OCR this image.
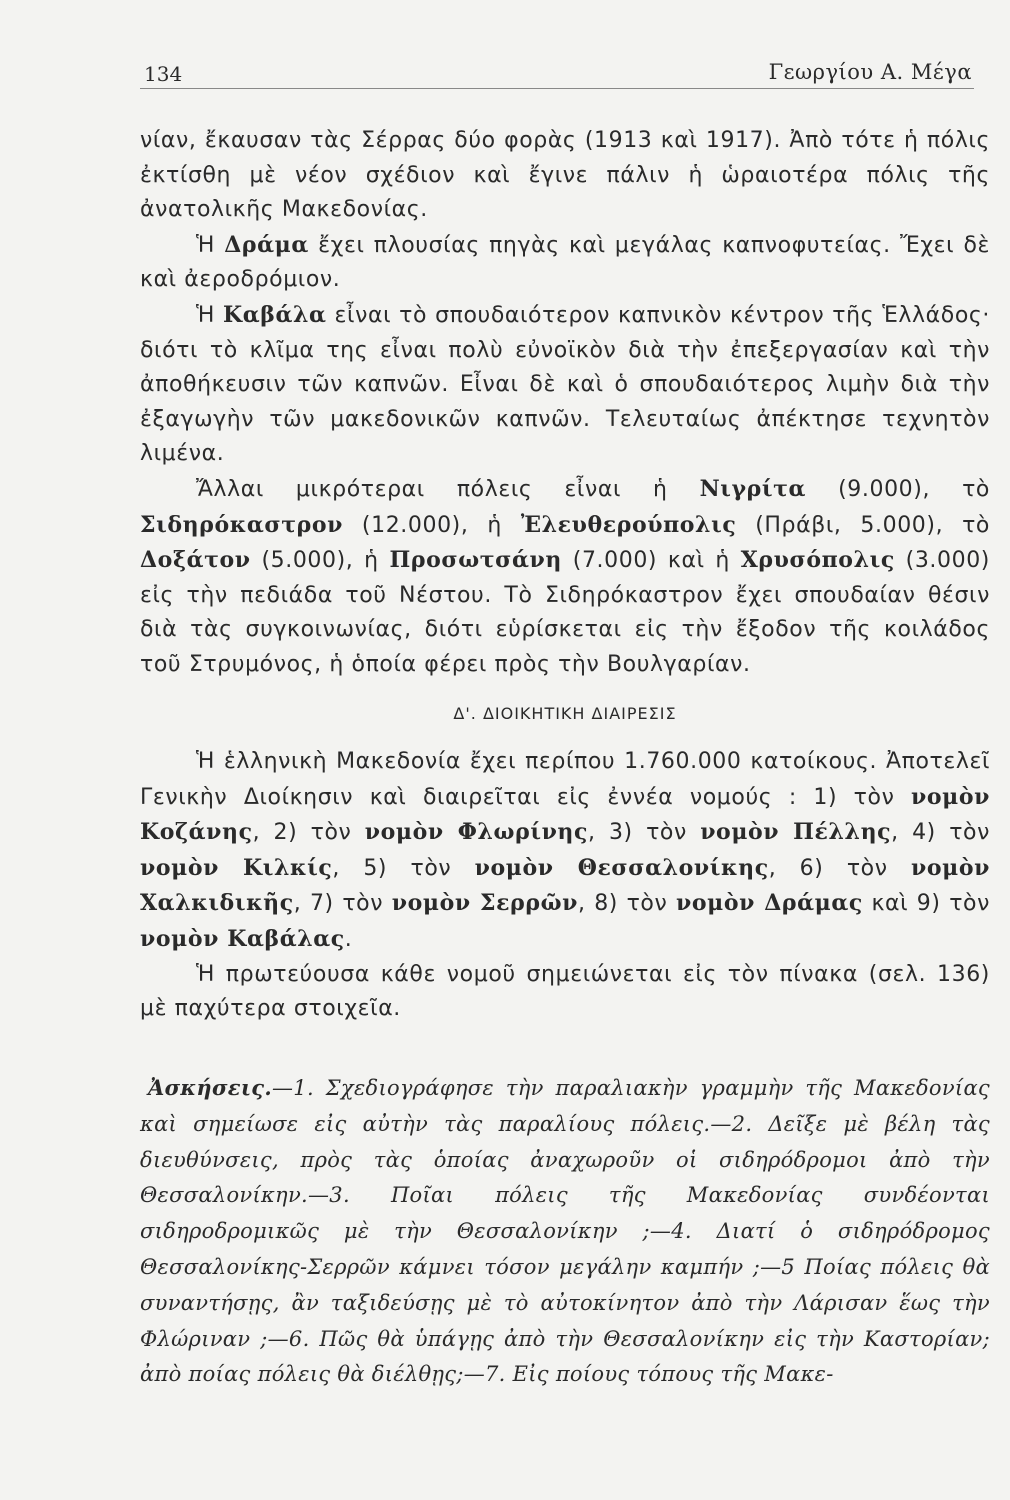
134	Γεωργίου Α. Μέγα

νίαν, ἔκαυσαν τὰς Σέρρας δύο φορὰς (1913 καὶ 1917). Ἀπὸ τότε ἡ πόλις ἐκτίσθη μὲ νέον σχέδιον καὶ ἔγινε πάλιν ἡ ὡραιοτέρα πόλις τῆς ἀνατολικῆς Μακεδονίας.

Ἡ Δράμα ἔχει πλουσίας πηγὰς καὶ μεγάλας καπνοφυτείας. Ἔχει δὲ καὶ ἀεροδρόμιον.

Ἡ Καβάλα εἶναι τὸ σπουδαιότερον καπνικὸν κέντρον τῆς Ἑλλάδος· διότι τὸ κλῖμα της εἶναι πολὺ εὐνοϊκὸν διὰ τὴν ἐπεξεργασίαν καὶ τὴν ἀποθήκευσιν τῶν καπνῶν. Εἶναι δὲ καὶ ὁ σπουδαιότερος λιμὴν διὰ τὴν ἐξαγωγὴν τῶν μακεδονικῶν καπνῶν. Τελευταίως ἀπέκτησε τεχνητὸν λιμένα.

Ἄλλαι μικρότεραι πόλεις εἶναι ἡ Νιγρίτα (9.000), τὸ Σιδηρόκαστρον (12.000), ἡ Ἐλευθερούπολις (Πράβι, 5.000), τὸ Δοξάτον (5.000), ἡ Προσωτσάνη (7.000) καὶ ἡ Χρυσόπολις (3.000) εἰς τὴν πεδιάδα τοῦ Νέστου. Τὸ Σιδηρόκαστρον ἔχει σπουδαίαν θέσιν διὰ τὰς συγκοινωνίας, διότι εὑρίσκεται εἰς τὴν ἔξοδον τῆς κοιλάδος τοῦ Στρυμόνος, ἡ ὁποία φέρει πρὸς τὴν Βουλγαρίαν.

Δ'. ΔΙΟΙΚΗΤΙΚΗ ΔΙΑΙΡΕΣΙΣ

Ἡ ἑλληνικὴ Μακεδονία ἔχει περίπου 1.760.000 κατοίκους. Ἀποτελεῖ Γενικὴν Διοίκησιν καὶ διαιρεῖται εἰς ἐννέα νομούς : 1) τὸν νομὸν Κοζάνης, 2) τὸν νομὸν Φλωρίνης, 3) τὸν νομὸν Πέλλης, 4) τὸν νομὸν Κιλκίς, 5) τὸν νομὸν Θεσσαλονίκης, 6) τὸν νομὸν Χαλκιδικῆς, 7) τὸν νομὸν Σερρῶν, 8) τὸν νομὸν Δράμας καὶ 9) τὸν νομὸν Καβάλας.

Ἡ πρωτεύουσα κάθε νομοῦ σημειώνεται εἰς τὸν πίνακα (σελ. 136) μὲ παχύτερα στοιχεῖα.

Ἀσκήσεις.—1. Σχεδιογράφησε τὴν παραλιακὴν γραμμὴν τῆς Μακεδονίας καὶ σημείωσε εἰς αὐτὴν τὰς παραλίους πόλεις.—2. Δεῖξε μὲ βέλη τὰς διευθύνσεις, πρὸς τὰς ὁποίας ἀναχωροῦν οἱ σιδηρόδρομοι ἀπὸ τὴν Θεσσαλονίκην.—3. Ποῖαι πόλεις τῆς Μακεδονίας συνδέονται σιδηροδρομικῶς μὲ τὴν Θεσσαλονίκην ;—4. Διατί ὁ σιδηρόδρομος Θεσσαλονίκης-Σερρῶν κάμνει τόσον μεγάλην καμπήν ;—5 Ποίας πόλεις θὰ συναντήσῃς, ἂν ταξιδεύσῃς μὲ τὸ αὐτοκίνητον ἀπὸ τὴν Λάρισαν ἕως τὴν Φλώριναν ;—6. Πῶς θὰ ὑπάγῃς ἀπὸ τὴν Θεσσαλονίκην εἰς τὴν Καστορίαν; ἀπὸ ποίας πόλεις θὰ διέλθῃς;—7. Εἰς ποίους τόπους τῆς Μακε-
